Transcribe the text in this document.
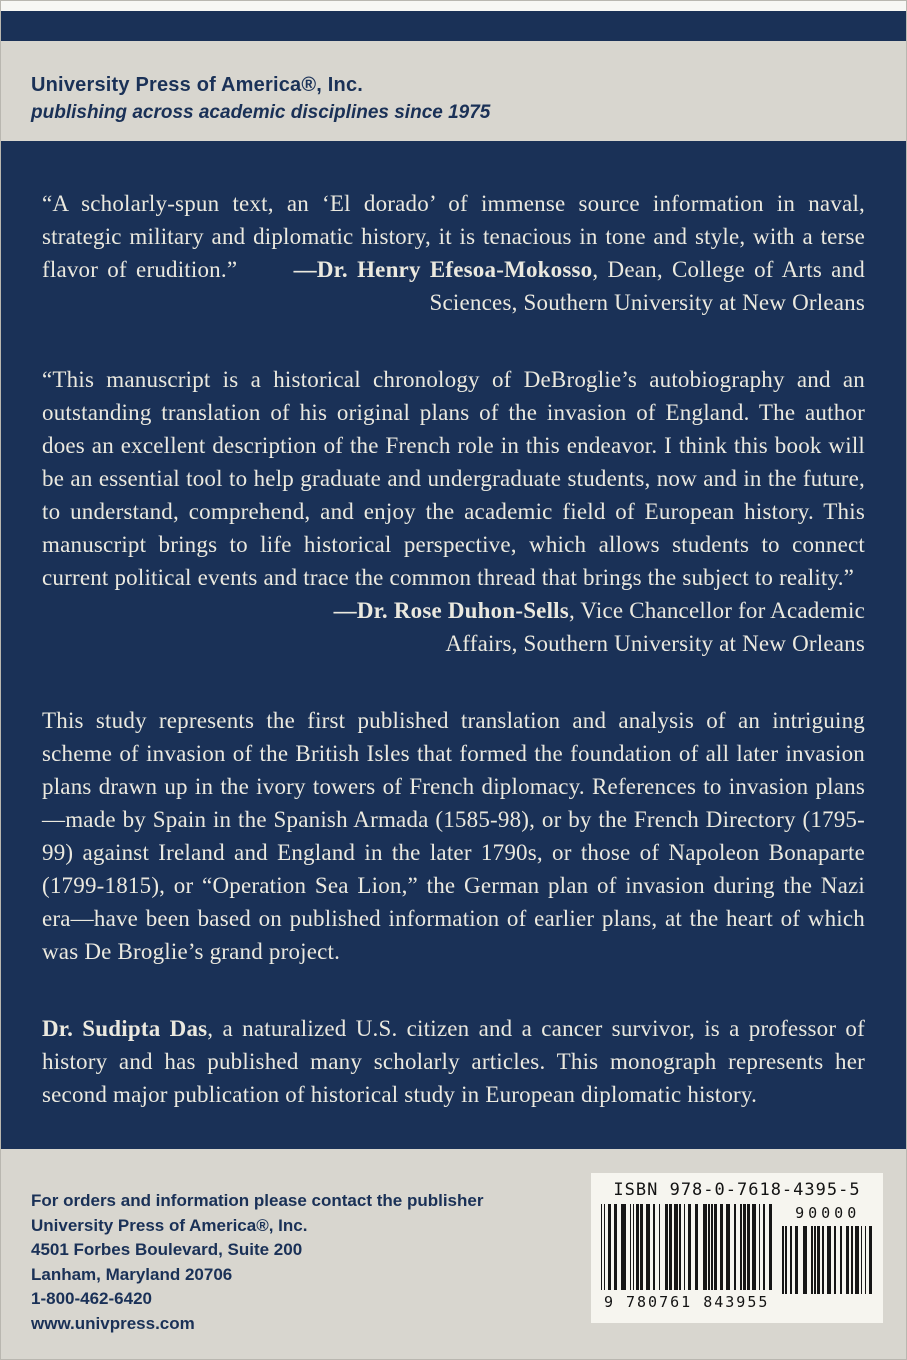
University Press of America®, Inc.
publishing across academic disciplines since 1975

“A scholarly-spun text, an ‘El dorado’ of immense source information in naval, strategic military and diplomatic history, it is tenacious in tone and style, with a terse flavor of erudition.” —Dr. Henry Efesoa-Mokosso, Dean, College of Arts and Sciences, Southern University at New Orleans

“This manuscript is a historical chronology of DeBroglie’s autobiography and an outstanding translation of his original plans of the invasion of England. The author does an excellent description of the French role in this endeavor. I think this book will be an essential tool to help graduate and undergraduate students, now and in the future, to understand, comprehend, and enjoy the academic field of European history. This manuscript brings to life historical perspective, which allows students to connect current political events and trace the common thread that brings the subject to reality.”

—Dr. Rose Duhon-Sells, Vice Chancellor for Academic Affairs, Southern University at New Orleans

This study represents the first published translation and analysis of an intriguing scheme of invasion of the British Isles that formed the foundation of all later invasion plans drawn up in the ivory towers of French diplomacy. References to invasion plans—made by Spain in the Spanish Armada (1585-98), or by the French Directory (1795-99) against Ireland and England in the later 1790s, or those of Napoleon Bonaparte (1799-1815), or “Operation Sea Lion,” the German plan of invasion during the Nazi era—have been based on published information of earlier plans, at the heart of which was De Broglie’s grand project.

Dr. Sudipta Das, a naturalized U.S. citizen and a cancer survivor, is a professor of history and has published many scholarly articles. This monograph represents her second major publication of historical study in European diplomatic history.

For orders and information please contact the publisher
University Press of America®, Inc.
4501 Forbes Boulevard, Suite 200
Lanham, Maryland 20706
1-800-462-6420
www.univpress.com
ISBN 978-0-7618-4395-5
9 780761 843955
90000
